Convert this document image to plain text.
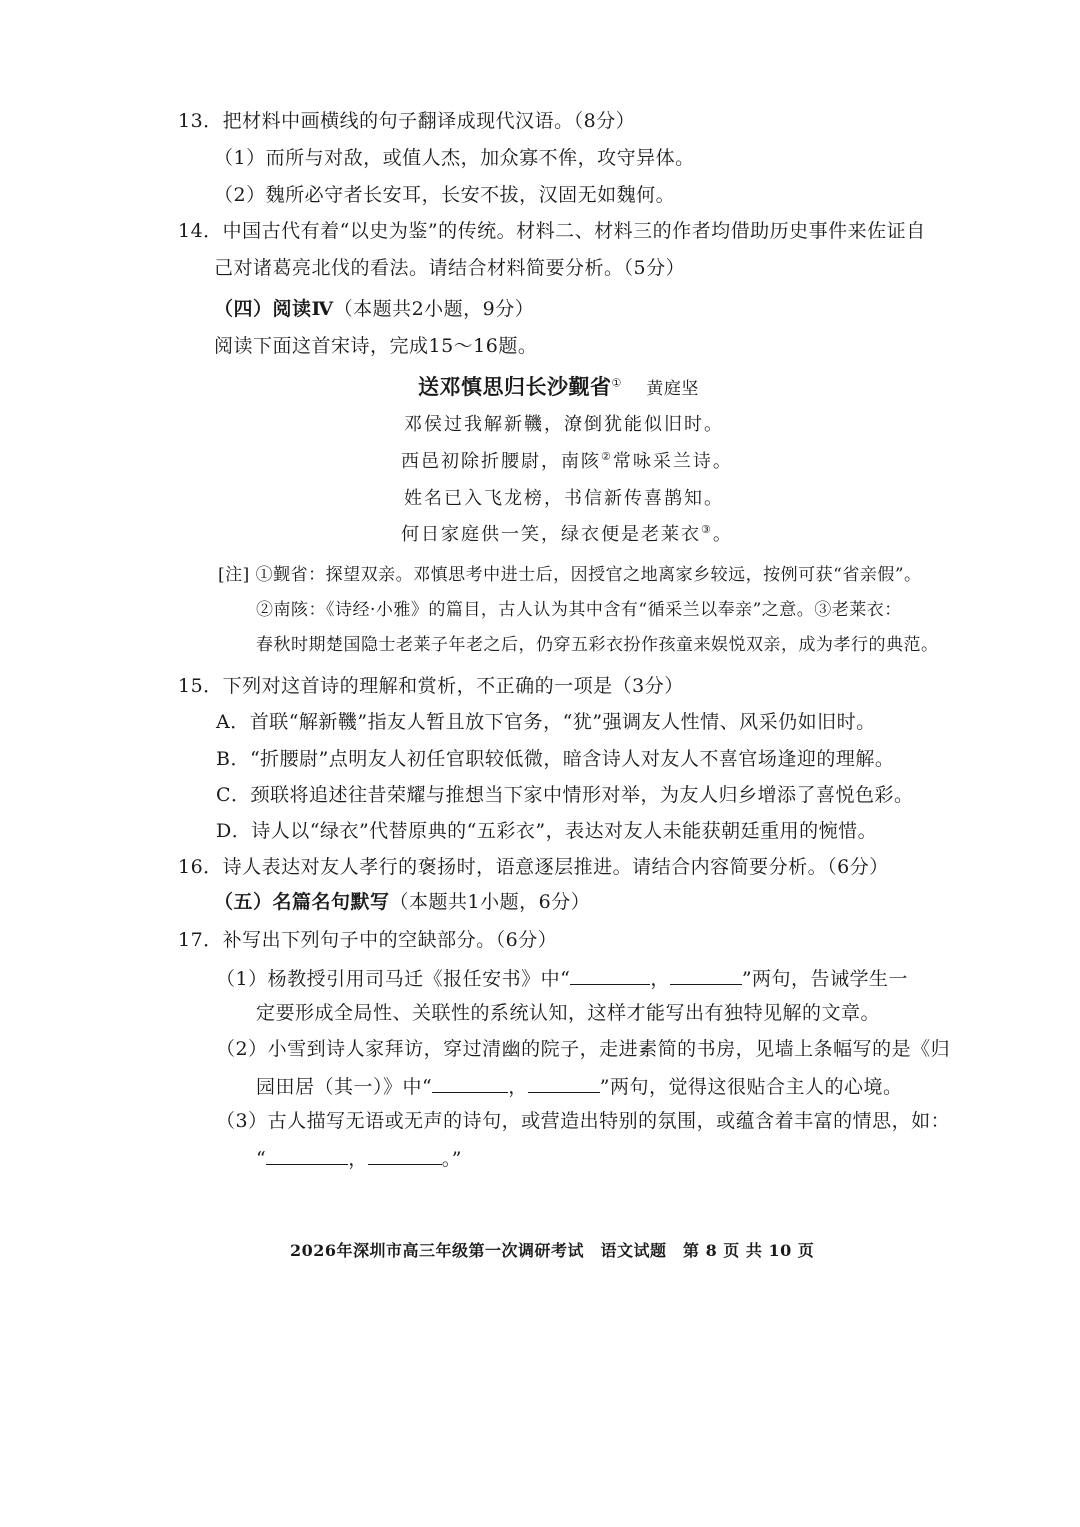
13．把材料中画横线的句子翻译成现代汉语。（8分）
（1）而所与对敌，或值人杰，加众寡不侔，攻守异体。
（2）魏所必守者长安耳，长安不拔，汉固无如魏何。
14．中国古代有着“以史为鉴”的传统。材料二、材料三的作者均借助历史事件来佐证自
己对诸葛亮北伐的看法。请结合材料简要分析。（5分）
（四）阅读Ⅳ（本题共2小题，9分）
阅读下面这首宋诗，完成15～16题。
送邓慎思归长沙觐省① 黄庭坚
邓侯过我解新鞿，潦倒犹能似旧时。
西邑初除折腰尉，南陔②常咏采兰诗。
姓名已入飞龙榜，书信新传喜鹊知。
何日家庭供一笑，绿衣便是老莱衣③。
[注] ①觐省：探望双亲。邓慎思考中进士后，因授官之地离家乡较远，按例可获“省亲假”。
②南陔：《诗经·小雅》的篇目，古人认为其中含有“循采兰以奉亲”之意。③老莱衣：
春秋时期楚国隐士老莱子年老之后，仍穿五彩衣扮作孩童来娱悦双亲，成为孝行的典范。
15．下列对这首诗的理解和赏析，不正确的一项是（3分）
A．首联“解新鞿”指友人暂且放下官务，“犹”强调友人性情、风采仍如旧时。
B．“折腰尉”点明友人初任官职较低微，暗含诗人对友人不喜官场逢迎的理解。
C．颈联将追述往昔荣耀与推想当下家中情形对举，为友人归乡增添了喜悦色彩。
D．诗人以“绿衣”代替原典的“五彩衣”，表达对友人未能获朝廷重用的惋惜。
16．诗人表达对友人孝行的褒扬时，语意逐层推进。请结合内容简要分析。（6分）
（五）名篇名句默写（本题共1小题，6分）
17．补写出下列句子中的空缺部分。（6分）
（1）杨教授引用司马迁《报任安书》中“	，	”两句，告诫学生一
定要形成全局性、关联性的系统认知，这样才能写出有独特见解的文章。
（2）小雪到诗人家拜访，穿过清幽的院子，走进素简的书房，见墙上条幅写的是《归
园田居（其一）》中“	，	”两句，觉得这很贴合主人的心境。
（3）古人描写无语或无声的诗句，或营造出特别的氛围，或蕴含着丰富的情思，如：
“	，	。”
2026年深圳市高三年级第一次调研考试　语文试题　第 8 页 共 10 页
